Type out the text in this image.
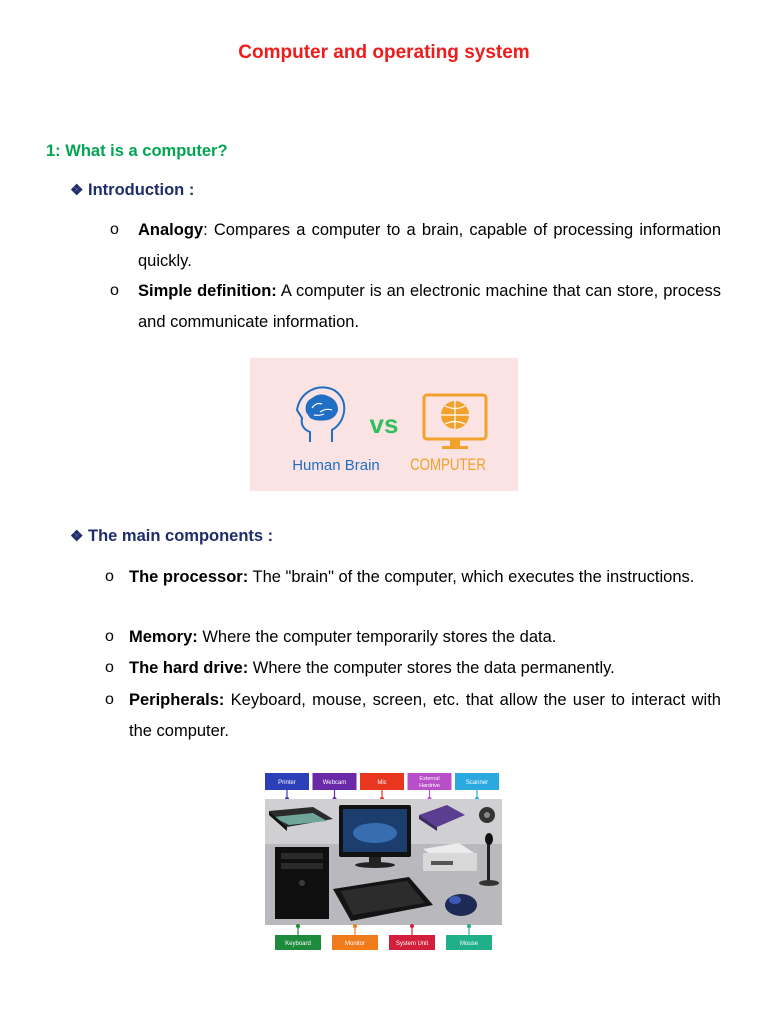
Computer and operating system
1: What is a computer?
❖ Introduction :
o Analogy: Compares a computer to a brain, capable of processing information quickly.
o Simple definition: A computer is an electronic machine that can store, process and communicate information.
vs
Human Brain COMPUTER
❖ The main components :
o The processor: The "brain" of the computer, which executes the instructions.
o Memory: Where the computer temporarily stores the data.
o The hard drive: Where the computer stores the data permanently.
o Peripherals: Keyboard, mouse, screen, etc. that allow the user to interact with the computer.
Printer	Webcam	Mic
External
Hardrive	Scanner
Keyboard	Monitor	System Unit	Mouse
